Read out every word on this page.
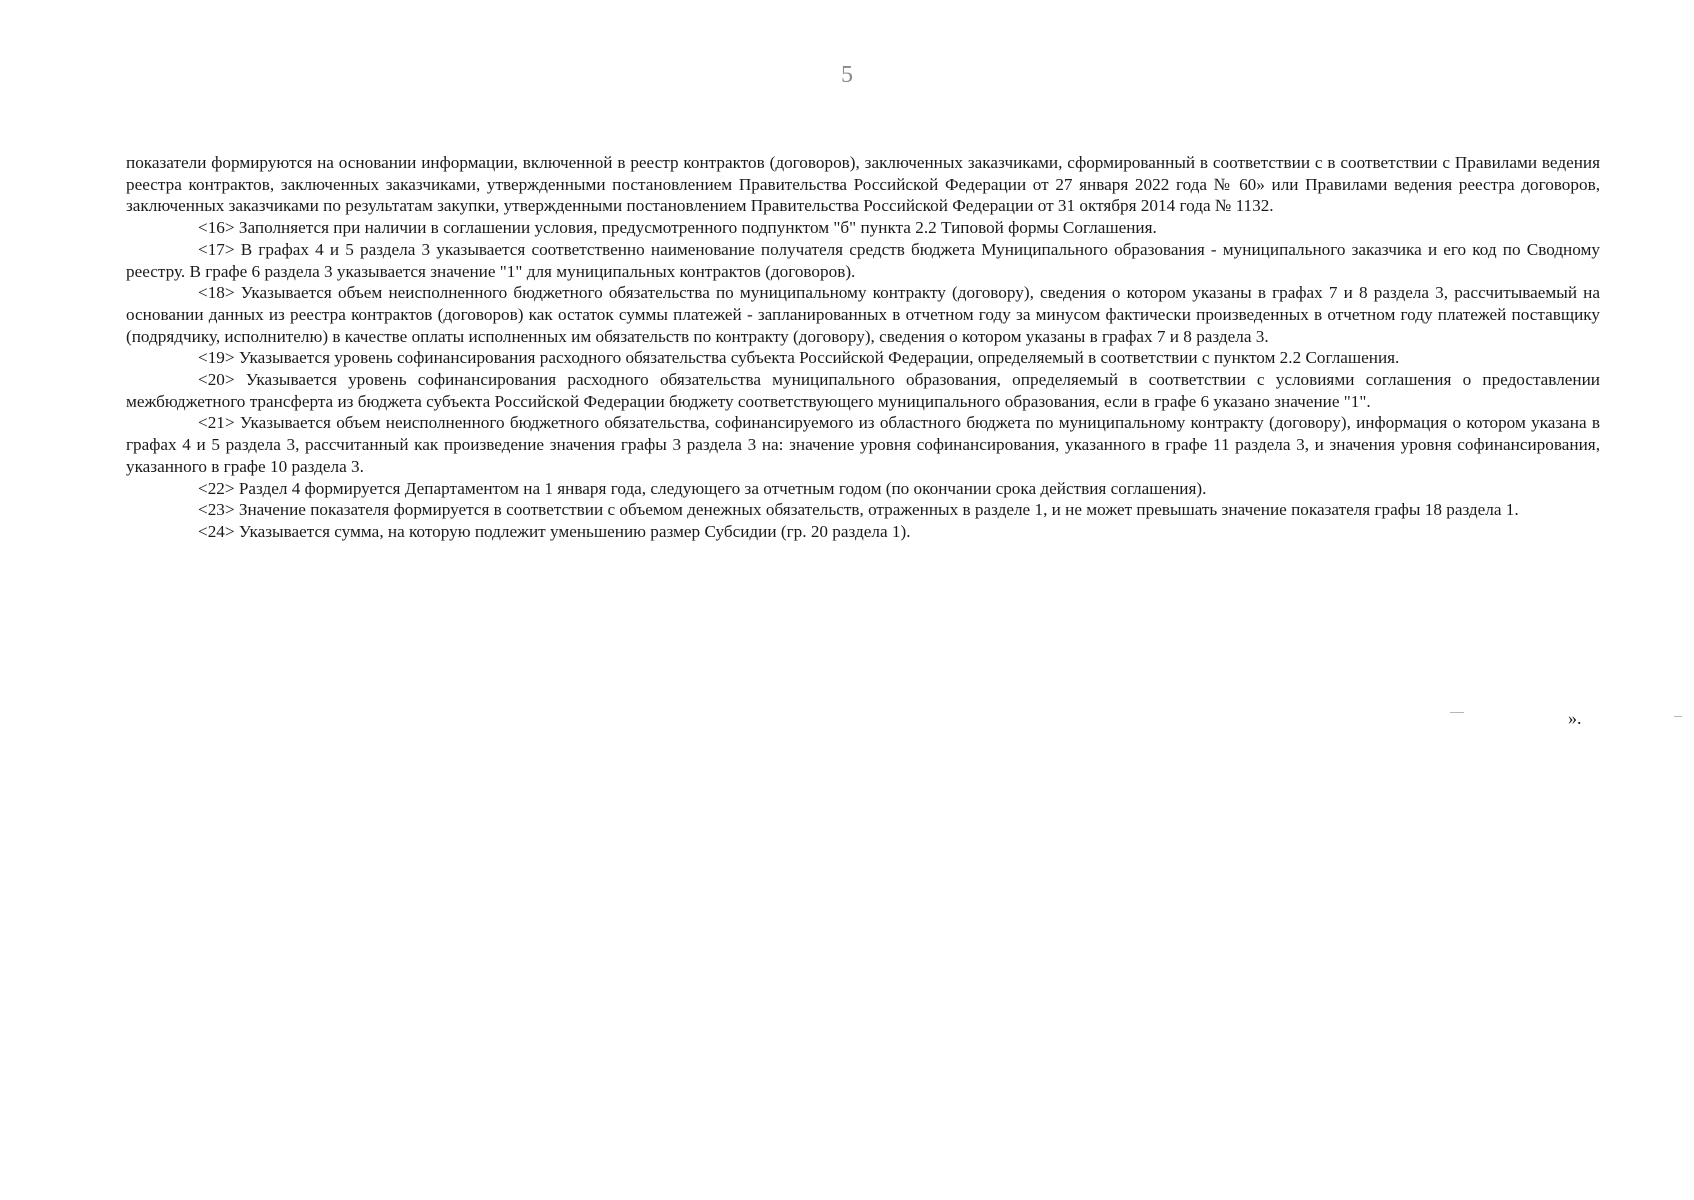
5

показатели формируются на основании информации, включенной в реестр контрактов (договоров), заключенных заказчиками, сформированный в соответствии с в соответствии с Правилами ведения реестра контрактов, заключенных заказчиками, утвержденными постановлением Правительства Российской Федерации от 27 января 2022 года № 60» или Правилами ведения реестра договоров, заключенных заказчиками по результатам закупки, утвержденными постановлением Правительства Российской Федерации от 31 октября 2014 года № 1132.

<16> Заполняется при наличии в соглашении условия, предусмотренного подпунктом "б" пункта 2.2 Типовой формы Соглашения.

<17> В графах 4 и 5 раздела 3 указывается соответственно наименование получателя средств бюджета Муниципального образования - муниципального заказчика и его код по Сводному реестру. В графе 6 раздела 3 указывается значение "1" для муниципальных контрактов (договоров).

<18> Указывается объем неисполненного бюджетного обязательства по муниципальному контракту (договору), сведения о котором указаны в графах 7 и 8 раздела 3, рассчитываемый на основании данных из реестра контрактов (договоров) как остаток суммы платежей - запланированных в отчетном году за минусом фактически произведенных в отчетном году платежей поставщику (подрядчику, исполнителю) в качестве оплаты исполненных им обязательств по контракту (договору), сведения о котором указаны в графах 7 и 8 раздела 3.

<19> Указывается уровень софинансирования расходного обязательства субъекта Российской Федерации, определяемый в соответствии с пунктом 2.2 Соглашения.

<20> Указывается уровень софинансирования расходного обязательства муниципального образования, определяемый в соответствии с условиями соглашения о предоставлении межбюджетного трансферта из бюджета субъекта Российской Федерации бюджету соответствующего муниципального образования, если в графе 6 указано значение "1".

<21> Указывается объем неисполненного бюджетного обязательства, софинансируемого из областного бюджета по муниципальному контракту (договору), информация о котором указана в графах 4 и 5 раздела 3, рассчитанный как произведение значения графы 3 раздела 3 на: значение уровня софинансирования, указанного в графе 11 раздела 3, и значения уровня софинансирования, указанного в графе 10 раздела 3.

<22> Раздел 4 формируется Департаментом на 1 января года, следующего за отчетным годом (по окончании срока действия соглашения).

<23> Значение показателя формируется в соответствии с объемом денежных обязательств, отраженных в разделе 1, и не может превышать значение показателя графы 18 раздела 1.

<24> Указывается сумма, на которую подлежит уменьшению размер Субсидии (гр. 20 раздела 1).

».
